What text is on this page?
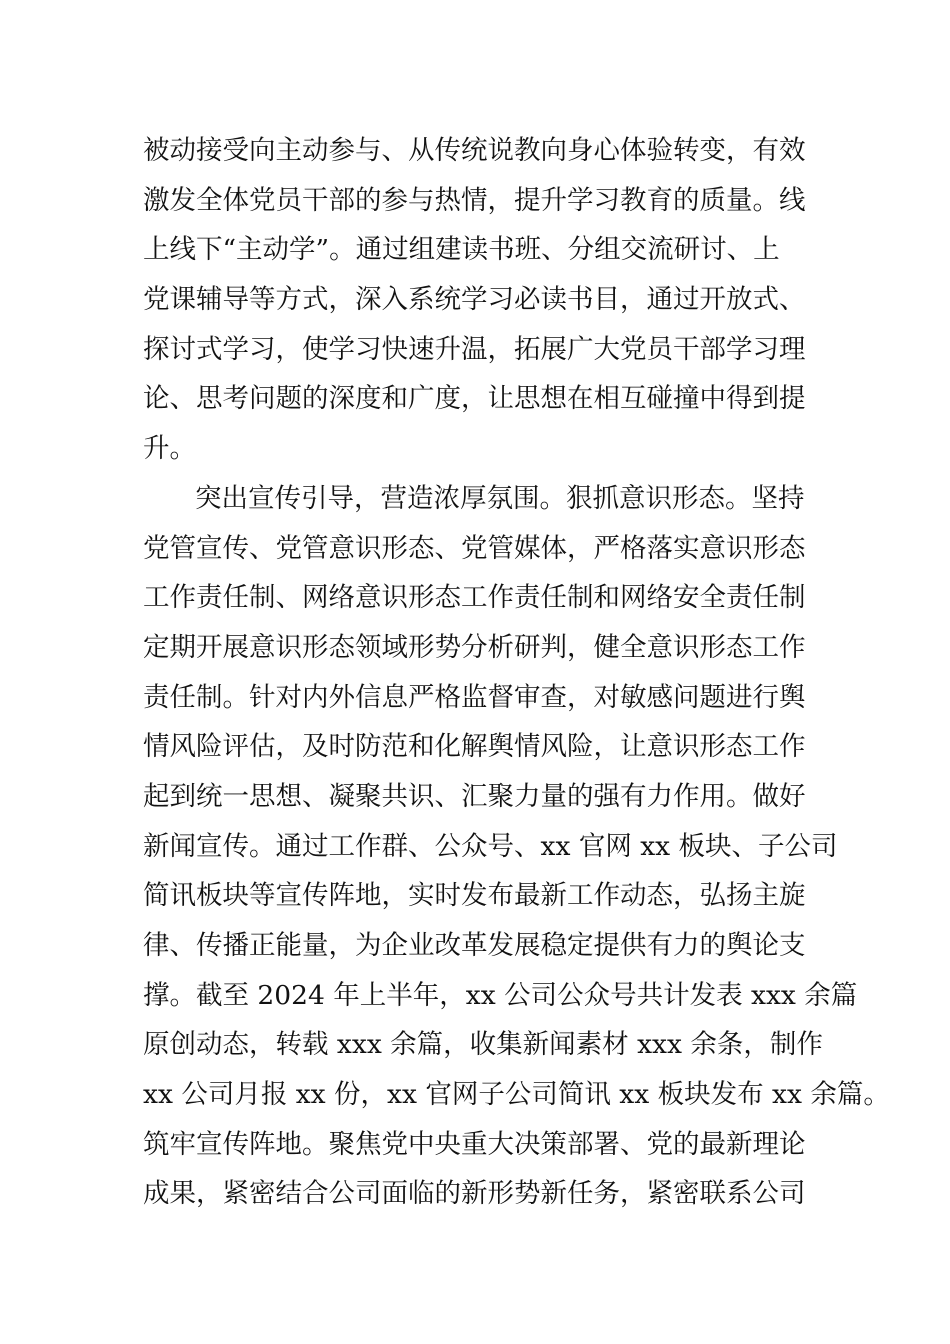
被动接受向主动参与、从传统说教向身心体验转变，有效
激发全体党员干部的参与热情，提升学习教育的质量。线
上线下“主动学”。通过组建读书班、分组交流研讨、上
党课辅导等方式，深入系统学习必读书目，通过开放式、
探讨式学习，使学习快速升温，拓展广大党员干部学习理
论、思考问题的深度和广度，让思想在相互碰撞中得到提
升。
突出宣传引导，营造浓厚氛围。狠抓意识形态。坚持
党管宣传、党管意识形态、党管媒体，严格落实意识形态
工作责任制、网络意识形态工作责任制和网络安全责任制
定期开展意识形态领域形势分析研判，健全意识形态工作
责任制。针对内外信息严格监督审查，对敏感问题进行舆
情风险评估，及时防范和化解舆情风险，让意识形态工作
起到统一思想、凝聚共识、汇聚力量的强有力作用。做好
新闻宣传。通过工作群、公众号、xx 官网 xx 板块、子公司
简讯板块等宣传阵地，实时发布最新工作动态，弘扬主旋
律、传播正能量，为企业改革发展稳定提供有力的舆论支
撑。截至 2024 年上半年，xx 公司公众号共计发表 xxx 余篇
原创动态，转载 xxx 余篇，收集新闻素材 xxx 余条，制作
xx 公司月报 xx 份，xx 官网子公司简讯 xx 板块发布 xx 余篇。
筑牢宣传阵地。聚焦党中央重大决策部署、党的最新理论
成果，紧密结合公司面临的新形势新任务，紧密联系公司
